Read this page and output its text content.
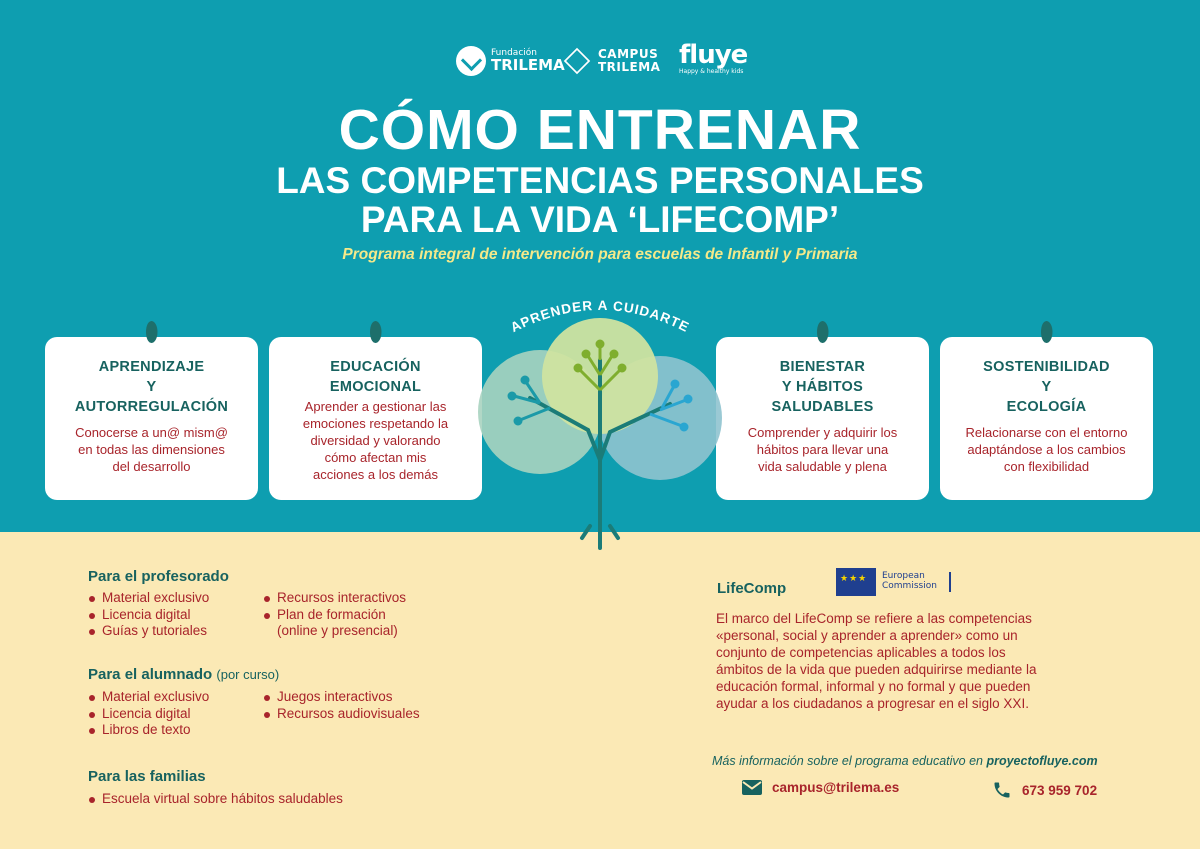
Fundación
TRILEMA
CAMPUS
TRILEMA fluye
Happy & healthy kids
CÓMO ENTRENAR
LAS COMPETENCIAS PERSONALES
PARA LA VIDA ‘LIFECOMP’
Programa integral de intervención para escuelas de Infantil y Primaria
APRENDIZAJE
Y
AUTORREGULACIÓN
Conocerse a un@ mism@
en todas las dimensiones
del desarrollo
EDUCACIÓN
EMOCIONAL
Aprender a gestionar las
emociones respetando la
diversidad y valorando
cómo afectan mis
acciones a los demás
BIENESTAR
Y HÁBITOS
SALUDABLES
Comprender y adquirir los
hábitos para llevar una
vida saludable y plena
SOSTENIBILIDAD
Y
ECOLOGÍA
Relacionarse con el entorno
adaptándose a los cambios
con flexibilidad
APRENDER A CUIDARTE
Para el profesorado
Material exclusivo
Licencia digital
Guías y tutoriales
Recursos interactivos
Plan de formación
(online y presencial)
Para el alumnado (por curso)
Material exclusivo
Licencia digital
Libros de texto
Juegos interactivos
Recursos audiovisuales
Para las familias
Escuela virtual sobre hábitos saludables
LifeComp
★★★
European
Commission
El marco del LifeComp se refiere a las competencias
«personal, social y aprender a aprender» como un
conjunto de competencias aplicables a todos los
ámbitos de la vida que pueden adquirirse mediante la
educación formal, informal y no formal y que pueden
ayudar a los ciudadanos a progresar en el siglo XXI.
Más información sobre el programa educativo en proyectofluye.com
campus@trilema.es	673 959 702
